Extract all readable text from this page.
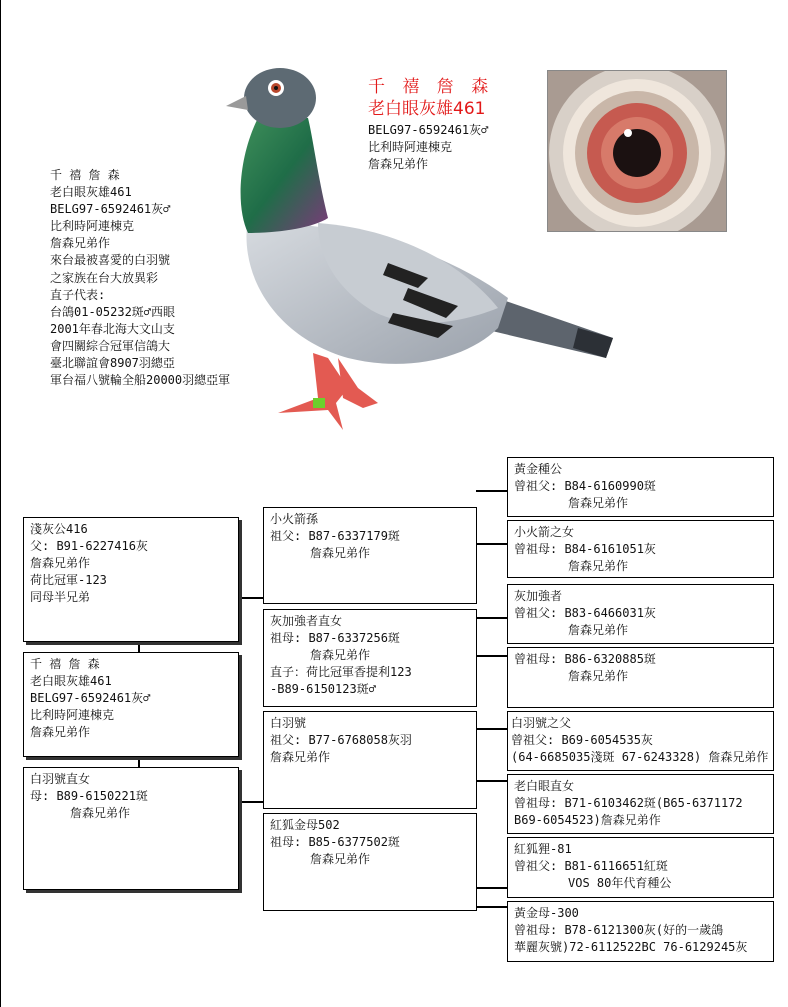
千 禧 詹 森
老白眼灰雄461
BELG97-6592461灰♂
比利時阿連棟克
詹森兄弟作
千 禧 詹 森
老白眼灰雄461
BELG97-6592461灰♂
比利時阿連棟克
詹森兄弟作
來台最被喜愛的白羽號
之家族在台大放異彩
直子代表:
台鴿01-05232斑♂西眼
2001年春北海大文山支
會四關綜合冠軍信鴿大
臺北聯誼會8907羽總亞
軍台福八號輪全船20000羽總亞軍
淺灰公416
父: B91-6227416灰
詹森兄弟作
荷比冠軍-123
同母半兄弟
千 禧 詹 森
老白眼灰雄461
BELG97-6592461灰♂
比利時阿連棟克
詹森兄弟作
白羽號直女
母: B89-6150221斑
詹森兄弟作
小火箭孫
祖父: B87-6337179斑
詹森兄弟作
灰加強者直女
祖母: B87-6337256斑
詹森兄弟作
直子：荷比冠軍香提利123
-B89-6150123斑♂
白羽號
祖父: B77-6768058灰羽
詹森兄弟作
紅狐金母502
祖母: B85-6377502斑
詹森兄弟作
黃金種公
曾祖父: B84-6160990斑
詹森兄弟作
小火箭之女
曾祖母: B84-6161051灰
詹森兄弟作
灰加強者
曾祖父: B83-6466031灰
詹森兄弟作
曾祖母: B86-6320885斑
詹森兄弟作
白羽號之父
曾祖父: B69-6054535灰
(64-6685035淺斑 67-6243328) 詹森兄弟作
老白眼直女
曾祖母: B71-6103462斑(B65-6371172
B69-6054523)詹森兄弟作
紅狐狸-81
曾祖父: B81-6116651紅斑
VOS 80年代育種公
黃金母-300
曾祖母: B78-6121300灰(好的一歲鴿
華麗灰號)72-6112522BC 76-6129245灰
